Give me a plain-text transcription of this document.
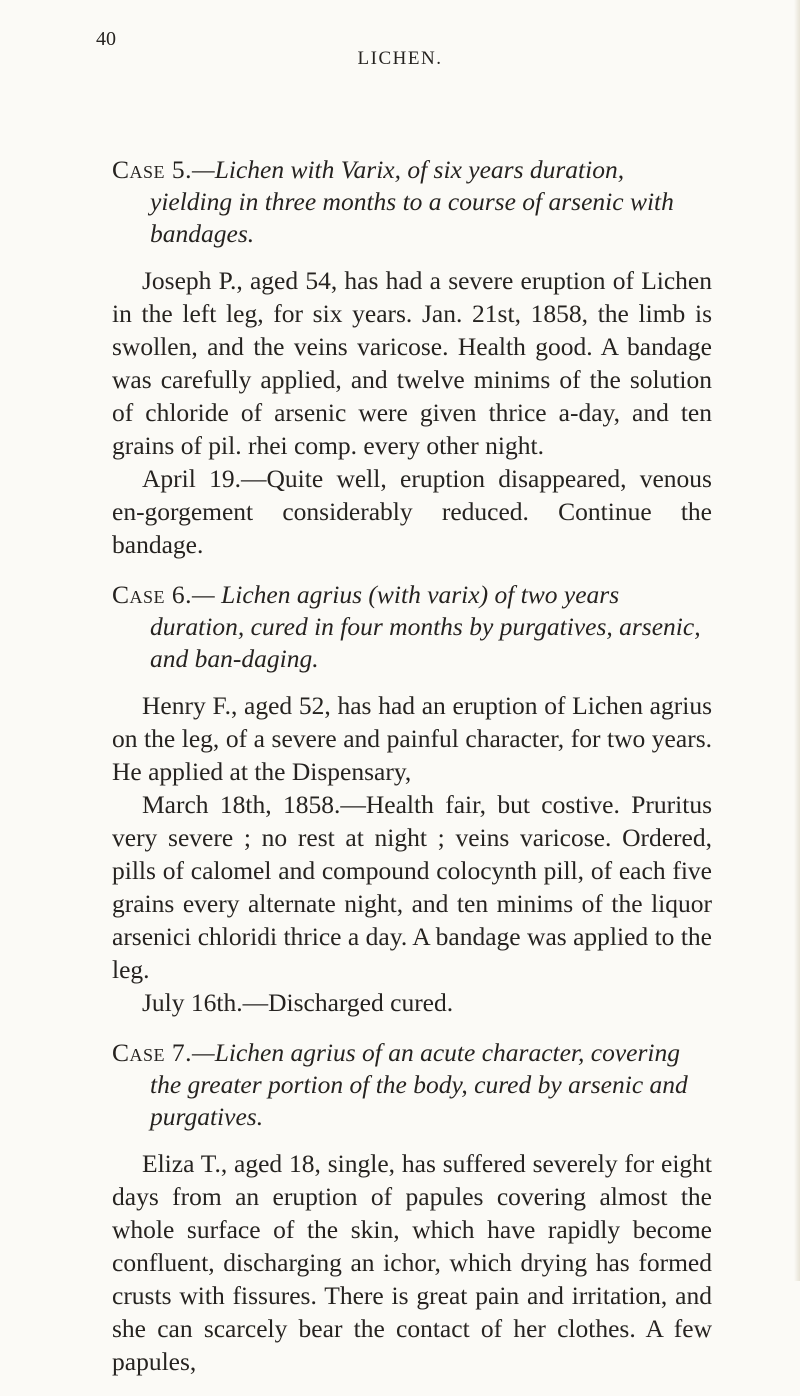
40
LICHEN.

Case 5.—Lichen with Varix, of six years duration, yielding in three months to a course of arsenic with bandages.

Joseph P., aged 54, has had a severe eruption of Lichen in the left leg, for six years. Jan. 21st, 1858, the limb is swollen, and the veins varicose. Health good. A bandage was carefully applied, and twelve minims of the solution of chloride of arsenic were given thrice a-day, and ten grains of pil. rhei comp. every other night.

April 19.—Quite well, eruption disappeared, venous en-gorgement considerably reduced. Continue the bandage.

Case 6.— Lichen agrius (with varix) of two years duration, cured in four months by purgatives, arsenic, and ban-daging.

Henry F., aged 52, has had an eruption of Lichen agrius on the leg, of a severe and painful character, for two years. He applied at the Dispensary,

March 18th, 1858.—Health fair, but costive. Pruritus very severe ; no rest at night ; veins varicose. Ordered, pills of calomel and compound colocynth pill, of each five grains every alternate night, and ten minims of the liquor arsenici chloridi thrice a day. A bandage was applied to the leg.

July 16th.—Discharged cured.

Case 7.—Lichen agrius of an acute character, covering the greater portion of the body, cured by arsenic and purgatives.

Eliza T., aged 18, single, has suffered severely for eight days from an eruption of papules covering almost the whole surface of the skin, which have rapidly become confluent, discharging an ichor, which drying has formed crusts with fissures. There is great pain and irritation, and she can scarcely bear the contact of her clothes. A few papules,
